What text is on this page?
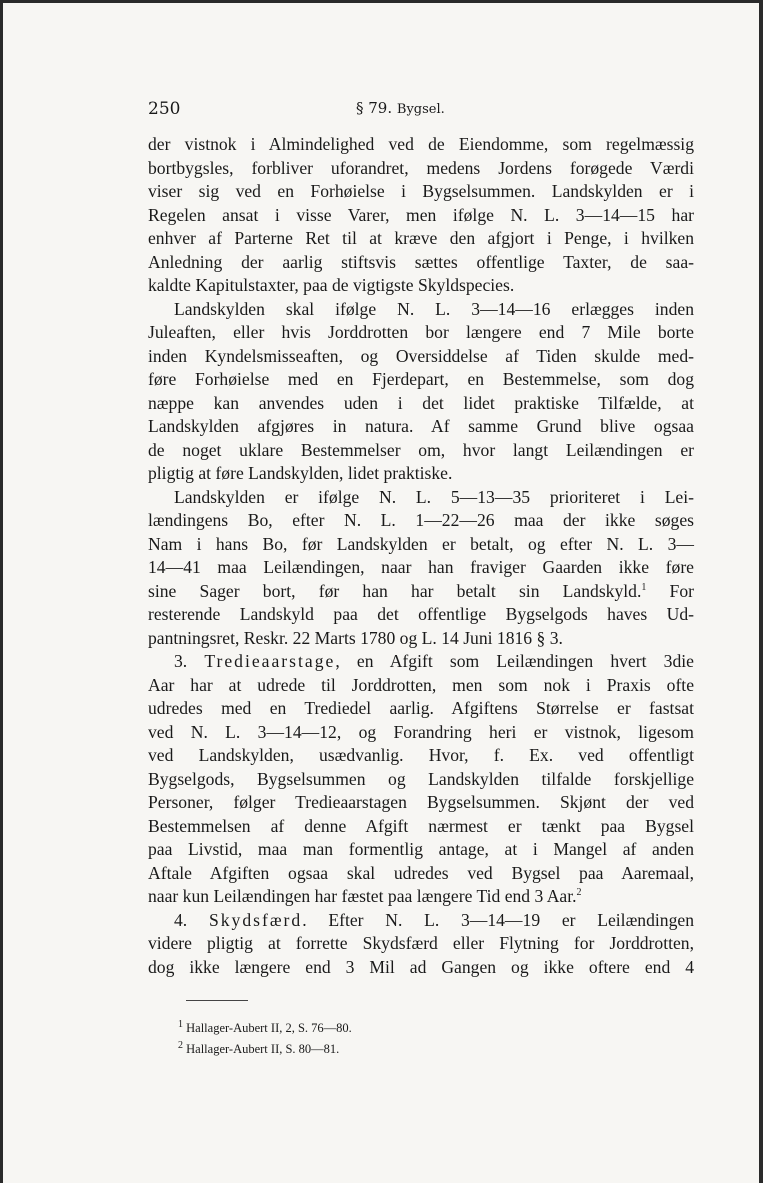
250	§ 79. Bygsel.
der vistnok i Almindelighed ved de Eiendomme, som regelmæssig
bortbygsles, forbliver uforandret, medens Jordens forøgede Værdi
viser sig ved en Forhøielse i Bygselsummen. Landskylden er i
Regelen ansat i visse Varer, men ifølge N. L. 3—14—15 har
enhver af Parterne Ret til at kræve den afgjort i Penge, i hvilken
Anledning der aarlig stiftsvis sættes offentlige Taxter, de saa-
kaldte Kapitulstaxter, paa de vigtigste Skyldspecies.
Landskylden skal ifølge N. L. 3—14—16 erlægges inden
Juleaften, eller hvis Jorddrotten bor længere end 7 Mile borte
inden Kyndelsmisseaften, og Oversiddelse af Tiden skulde med-
føre Forhøielse med en Fjerdepart, en Bestemmelse, som dog
næppe kan anvendes uden i det lidet praktiske Tilfælde, at
Landskylden afgjøres in natura. Af samme Grund blive ogsaa
de noget uklare Bestemmelser om, hvor langt Leilændingen er
pligtig at føre Landskylden, lidet praktiske.
Landskylden er ifølge N. L. 5—13—35 prioriteret i Lei-
lændingens Bo, efter N. L. 1—22—26 maa der ikke søges
Nam i hans Bo, før Landskylden er betalt, og efter N. L. 3—
14—41 maa Leilændingen, naar han fraviger Gaarden ikke føre
sine Sager bort, før han har betalt sin Landskyld.$^1$ For
resterende Landskyld paa det offentlige Bygselgods haves Ud-
pantningsret, Reskr. 22 Marts 1780 og L. 14 Juni 1816 § 3.
3. Tredieaarstage, en Afgift som Leilændingen hvert 3die
Aar har at udrede til Jorddrotten, men som nok i Praxis ofte
udredes med en Trediedel aarlig. Afgiftens Størrelse er fastsat
ved N. L. 3—14—12, og Forandring heri er vistnok, ligesom
ved Landskylden, usædvanlig. Hvor, f. Ex. ved offentligt
Bygselgods, Bygselsummen og Landskylden tilfalde forskjellige
Personer, følger Tredieaarstagen Bygselsummen. Skjønt der ved
Bestemmelsen af denne Afgift nærmest er tænkt paa Bygsel
paa Livstid, maa man formentlig antage, at i Mangel af anden
Aftale Afgiften ogsaa skal udredes ved Bygsel paa Aaremaal,
naar kun Leilændingen har fæstet paa længere Tid end 3 Aar.$^2$
4. Skydsfærd. Efter N. L. 3—14—19 er Leilændingen
videre pligtig at forrette Skydsfærd eller Flytning for Jorddrotten,
dog ikke længere end 3 Mil ad Gangen og ikke oftere end 4
$^1$ Hallager-Aubert II, 2, S. 76—80.
$^2$ Hallager-Aubert II, S. 80—81.
